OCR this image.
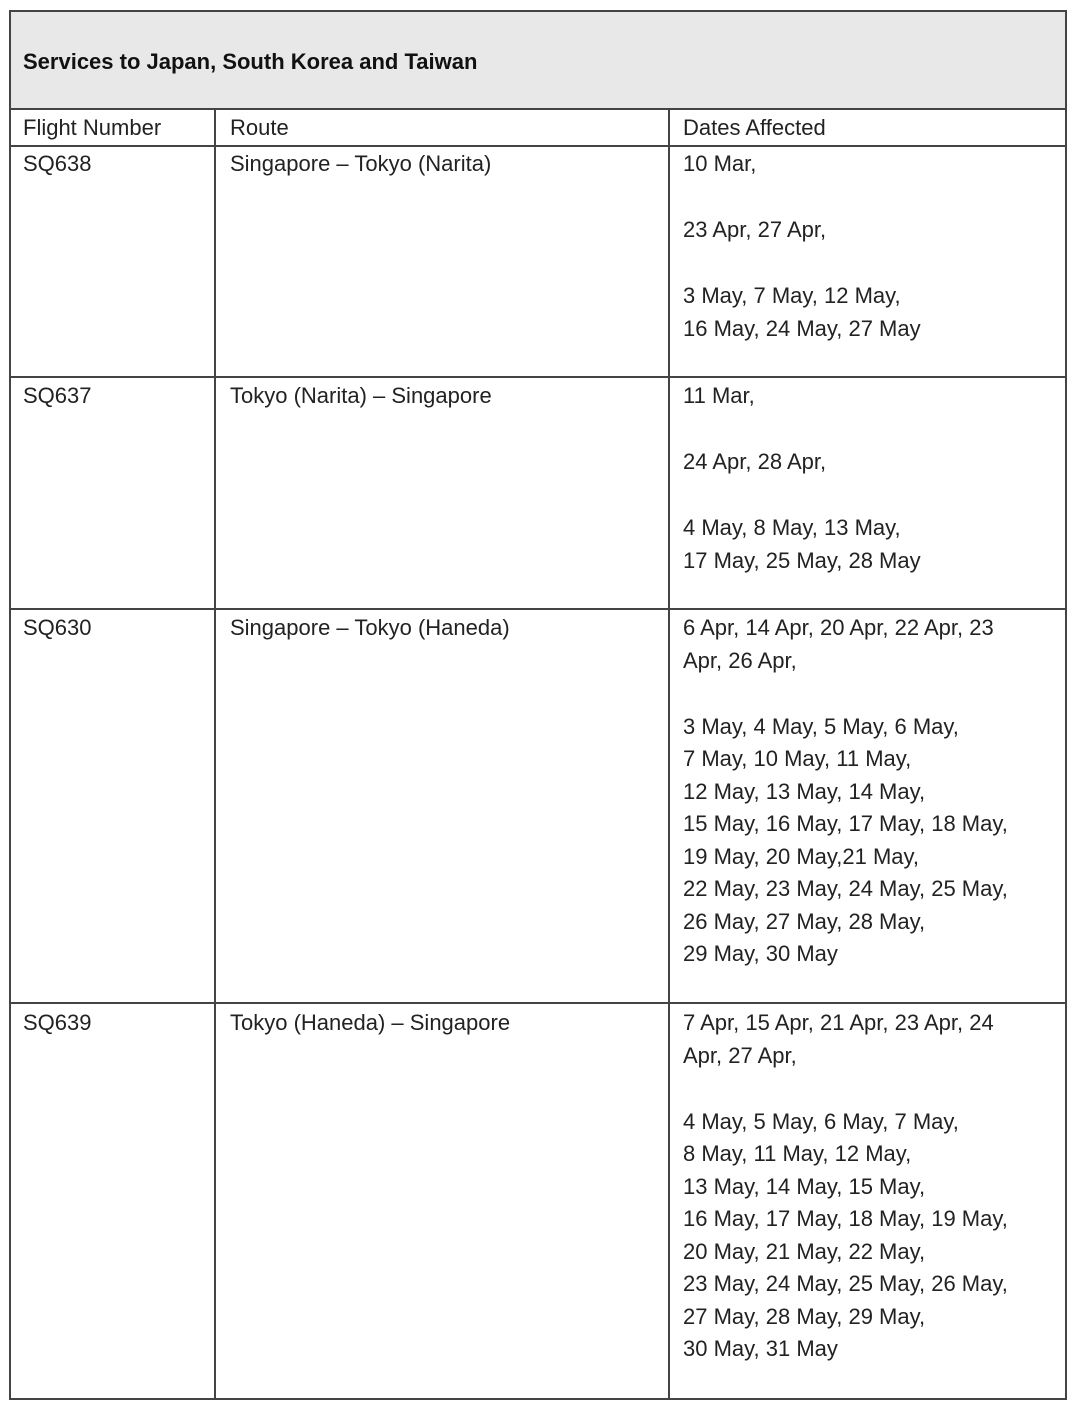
Services to Japan, South Korea and Taiwan
Flight Number	Route	Dates Affected
SQ638	Singapore – Tokyo (Narita)	10 Mar,
23 Apr, 27 Apr,
3 May, 7 May, 12 May,
16 May, 24 May, 27 May
SQ637	Tokyo (Narita) – Singapore	11 Mar,
24 Apr, 28 Apr,
4 May, 8 May, 13 May,
17 May, 25 May, 28 May
SQ630	Singapore – Tokyo (Haneda)	6 Apr, 14 Apr, 20 Apr, 22 Apr, 23
Apr, 26 Apr,
3 May, 4 May, 5 May, 6 May,
7 May, 10 May, 11 May,
12 May, 13 May, 14 May,
15 May, 16 May, 17 May, 18 May,
19 May, 20 May,21 May,
22 May, 23 May, 24 May, 25 May,
26 May, 27 May, 28 May,
29 May, 30 May
SQ639	Tokyo (Haneda) – Singapore	7 Apr, 15 Apr, 21 Apr, 23 Apr, 24
Apr, 27 Apr,
4 May, 5 May, 6 May, 7 May,
8 May, 11 May, 12 May,
13 May, 14 May, 15 May,
16 May, 17 May, 18 May, 19 May,
20 May, 21 May, 22 May,
23 May, 24 May, 25 May, 26 May,
27 May, 28 May, 29 May,
30 May, 31 May
